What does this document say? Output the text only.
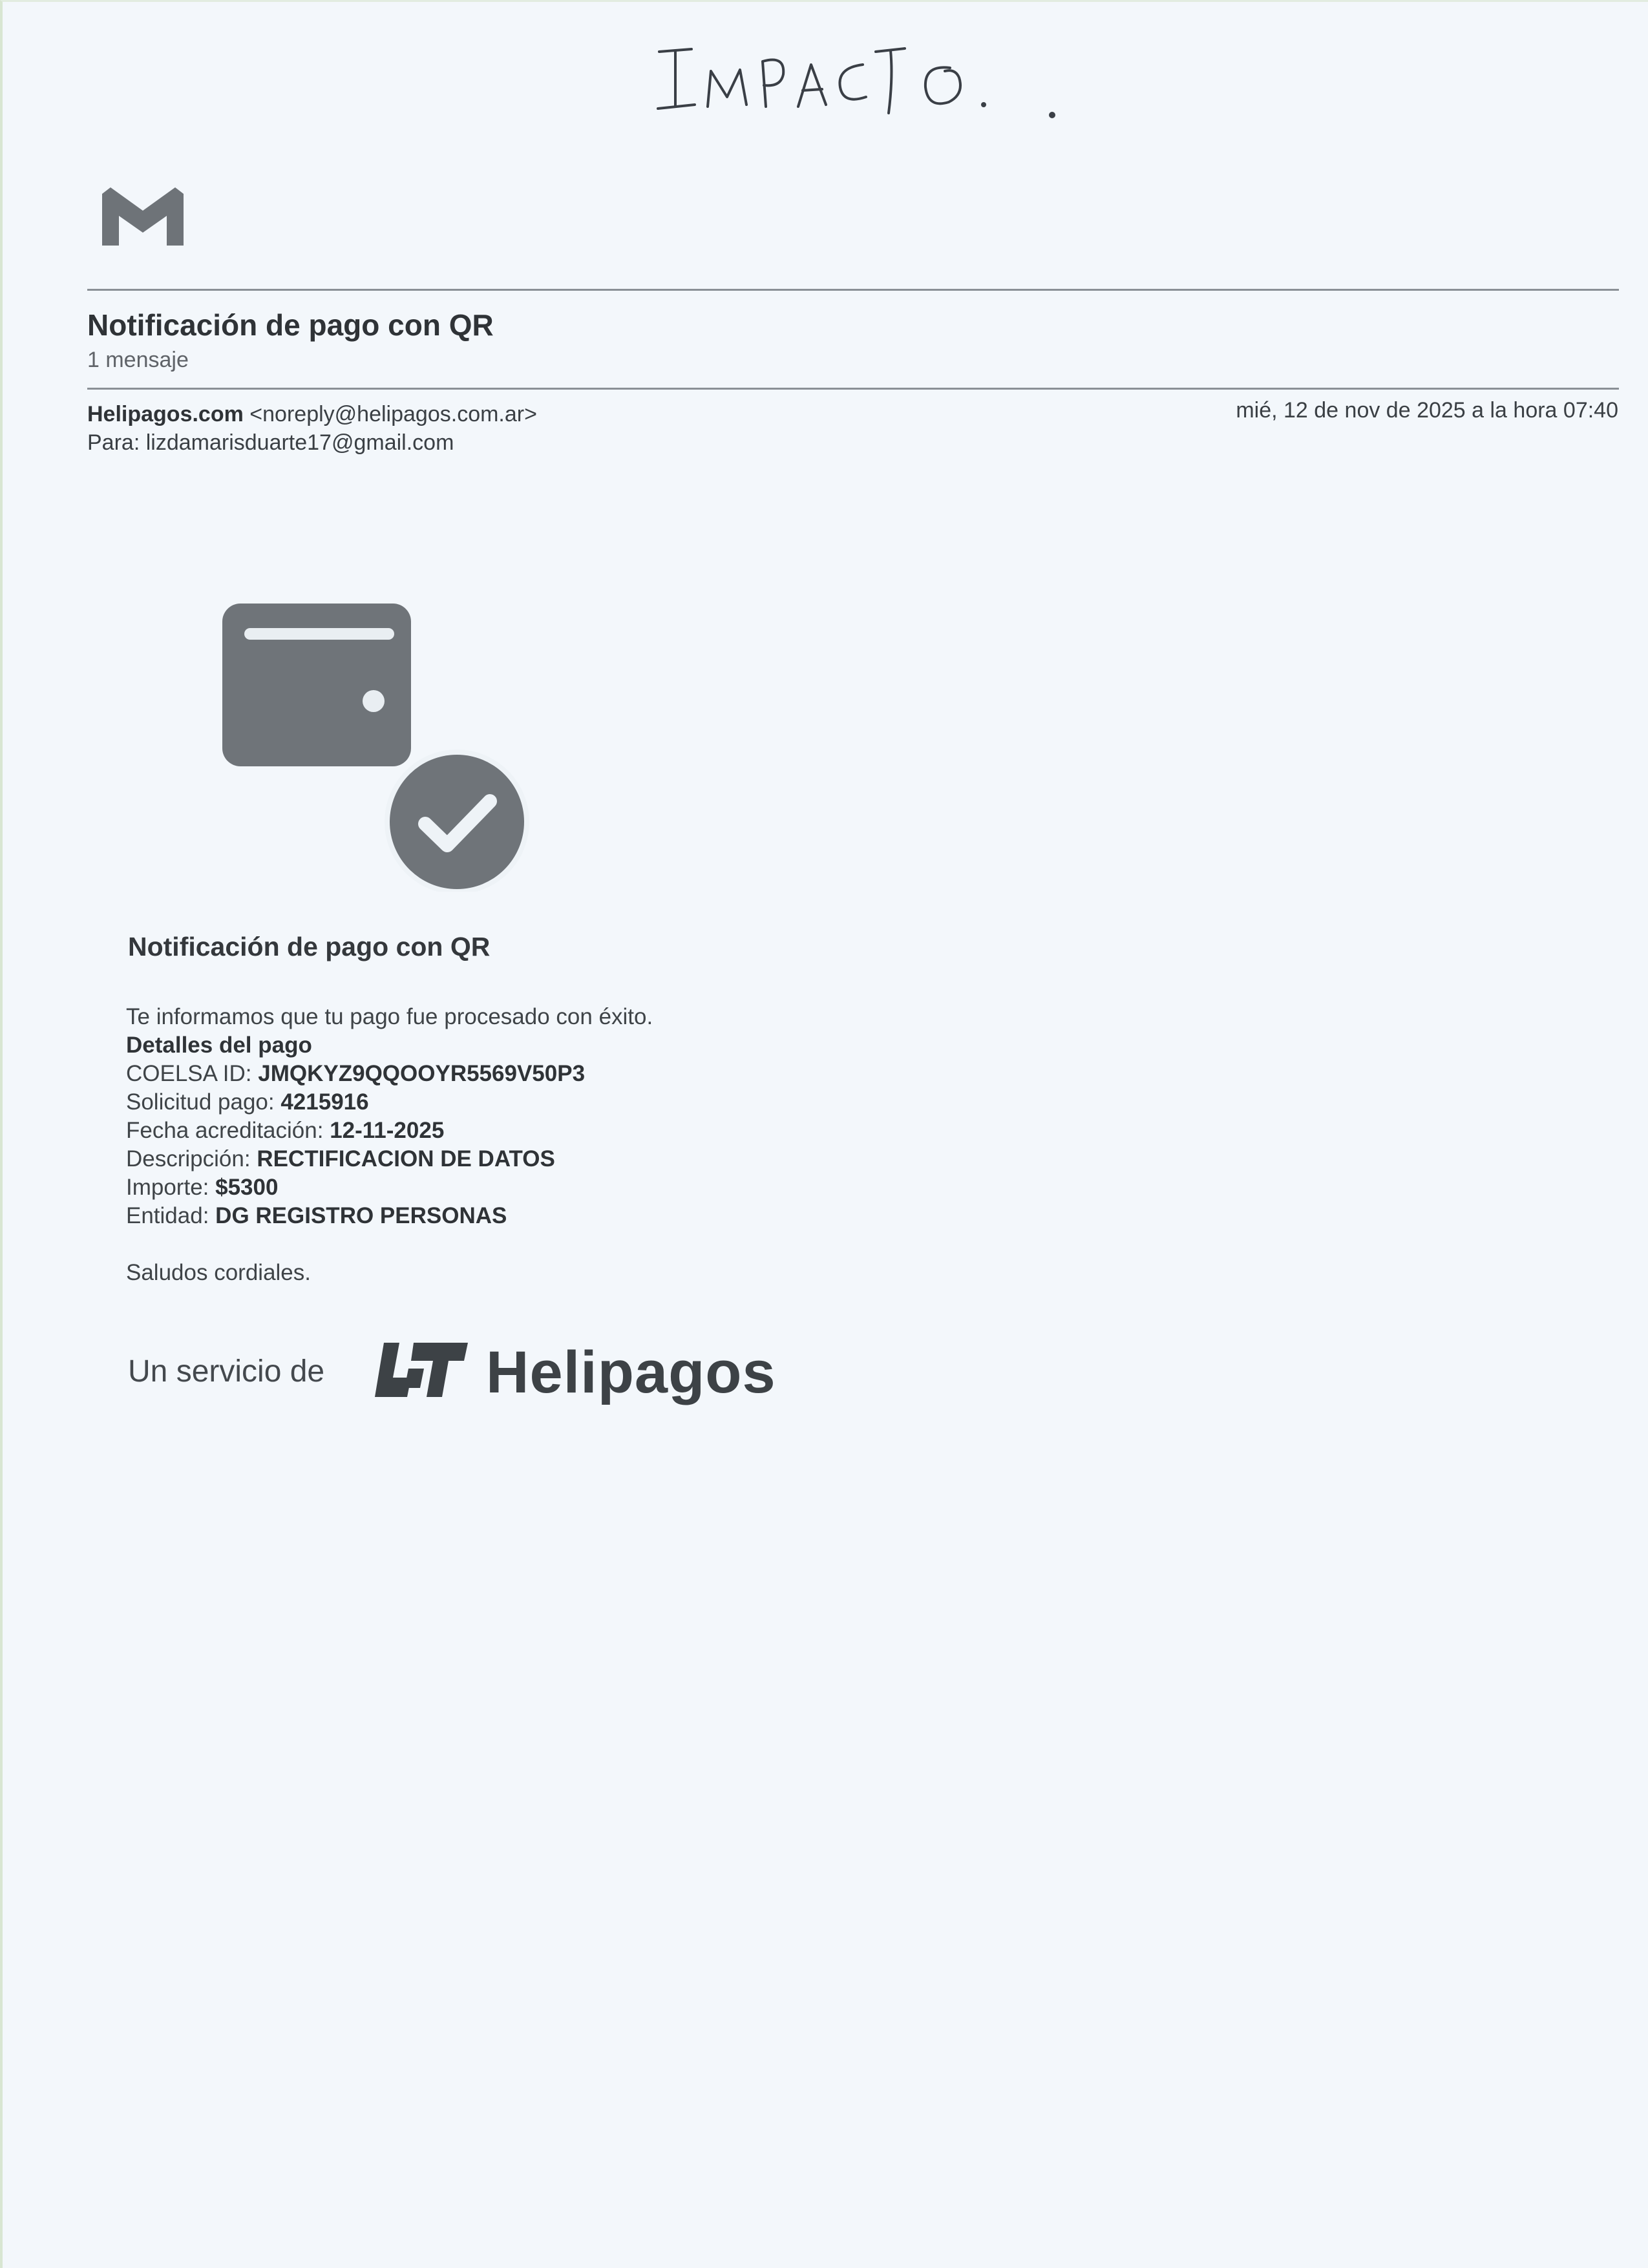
Notificación de pago con QR
1 mensaje
Helipagos.com <noreply@helipagos.com.ar>
Para: lizdamarisduarte17@gmail.com
mié, 12 de nov de 2025 a la hora 07:40
Notificación de pago con QR
Te informamos que tu pago fue procesado con éxito.
Detalles del pago
COELSA ID: JMQKYZ9QQOOYR5569V50P3
Solicitud pago: 4215916
Fecha acreditación: 12-11-2025
Descripción: RECTIFICACION DE DATOS
Importe: $5300
Entidad: DG REGISTRO PERSONAS
Saludos cordiales.
Un servicio de	Helipagos
